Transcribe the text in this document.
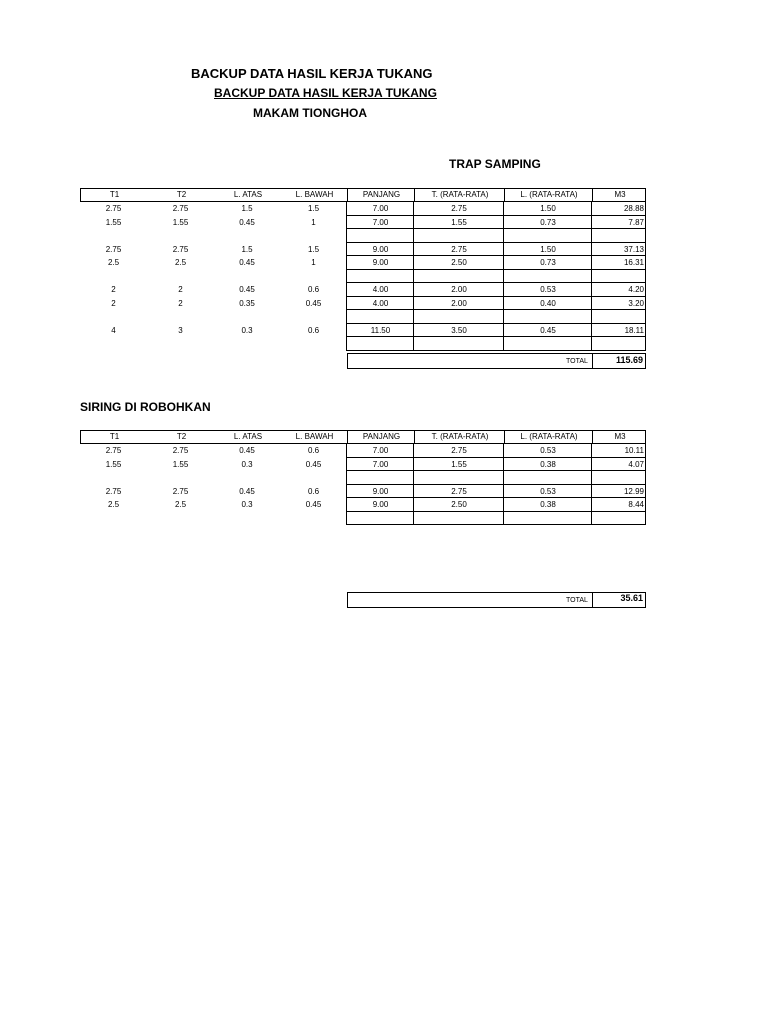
BACKUP DATA HASIL KERJA TUKANG
BACKUP DATA HASIL KERJA TUKANG
MAKAM TIONGHOA
TRAP SAMPING
T1	T2	L. ATAS	L. BAWAH	PANJANG	T. (RATA-RATA)	L. (RATA-RATA)	M3
2.75	2.75	1.5	1.5	7.00	2.75	1.50	28.88
1.55	1.55	0.45	1	7.00	1.55	0.73	7.87
2.75	2.75	1.5	1.5	9.00	2.75	1.50	37.13
2.5	2.5	0.45	1	9.00	2.50	0.73	16.31
2	2	0.45	0.6	4.00	2.00	0.53	4.20
2	2	0.35	0.45	4.00	2.00	0.40	3.20
4	3	0.3	0.6	11.50	3.50	0.45	18.11
TOTAL	115.69
SIRING DI ROBOHKAN
T1	T2	L. ATAS	L. BAWAH	PANJANG	T. (RATA-RATA)	L. (RATA-RATA)	M3
2.75	2.75	0.45	0.6	7.00	2.75	0.53	10.11
1.55	1.55	0.3	0.45	7.00	1.55	0.38	4.07
2.75	2.75	0.45	0.6	9.00	2.75	0.53	12.99
2.5	2.5	0.3	0.45	9.00	2.50	0.38	8.44
TOTAL	35.61
